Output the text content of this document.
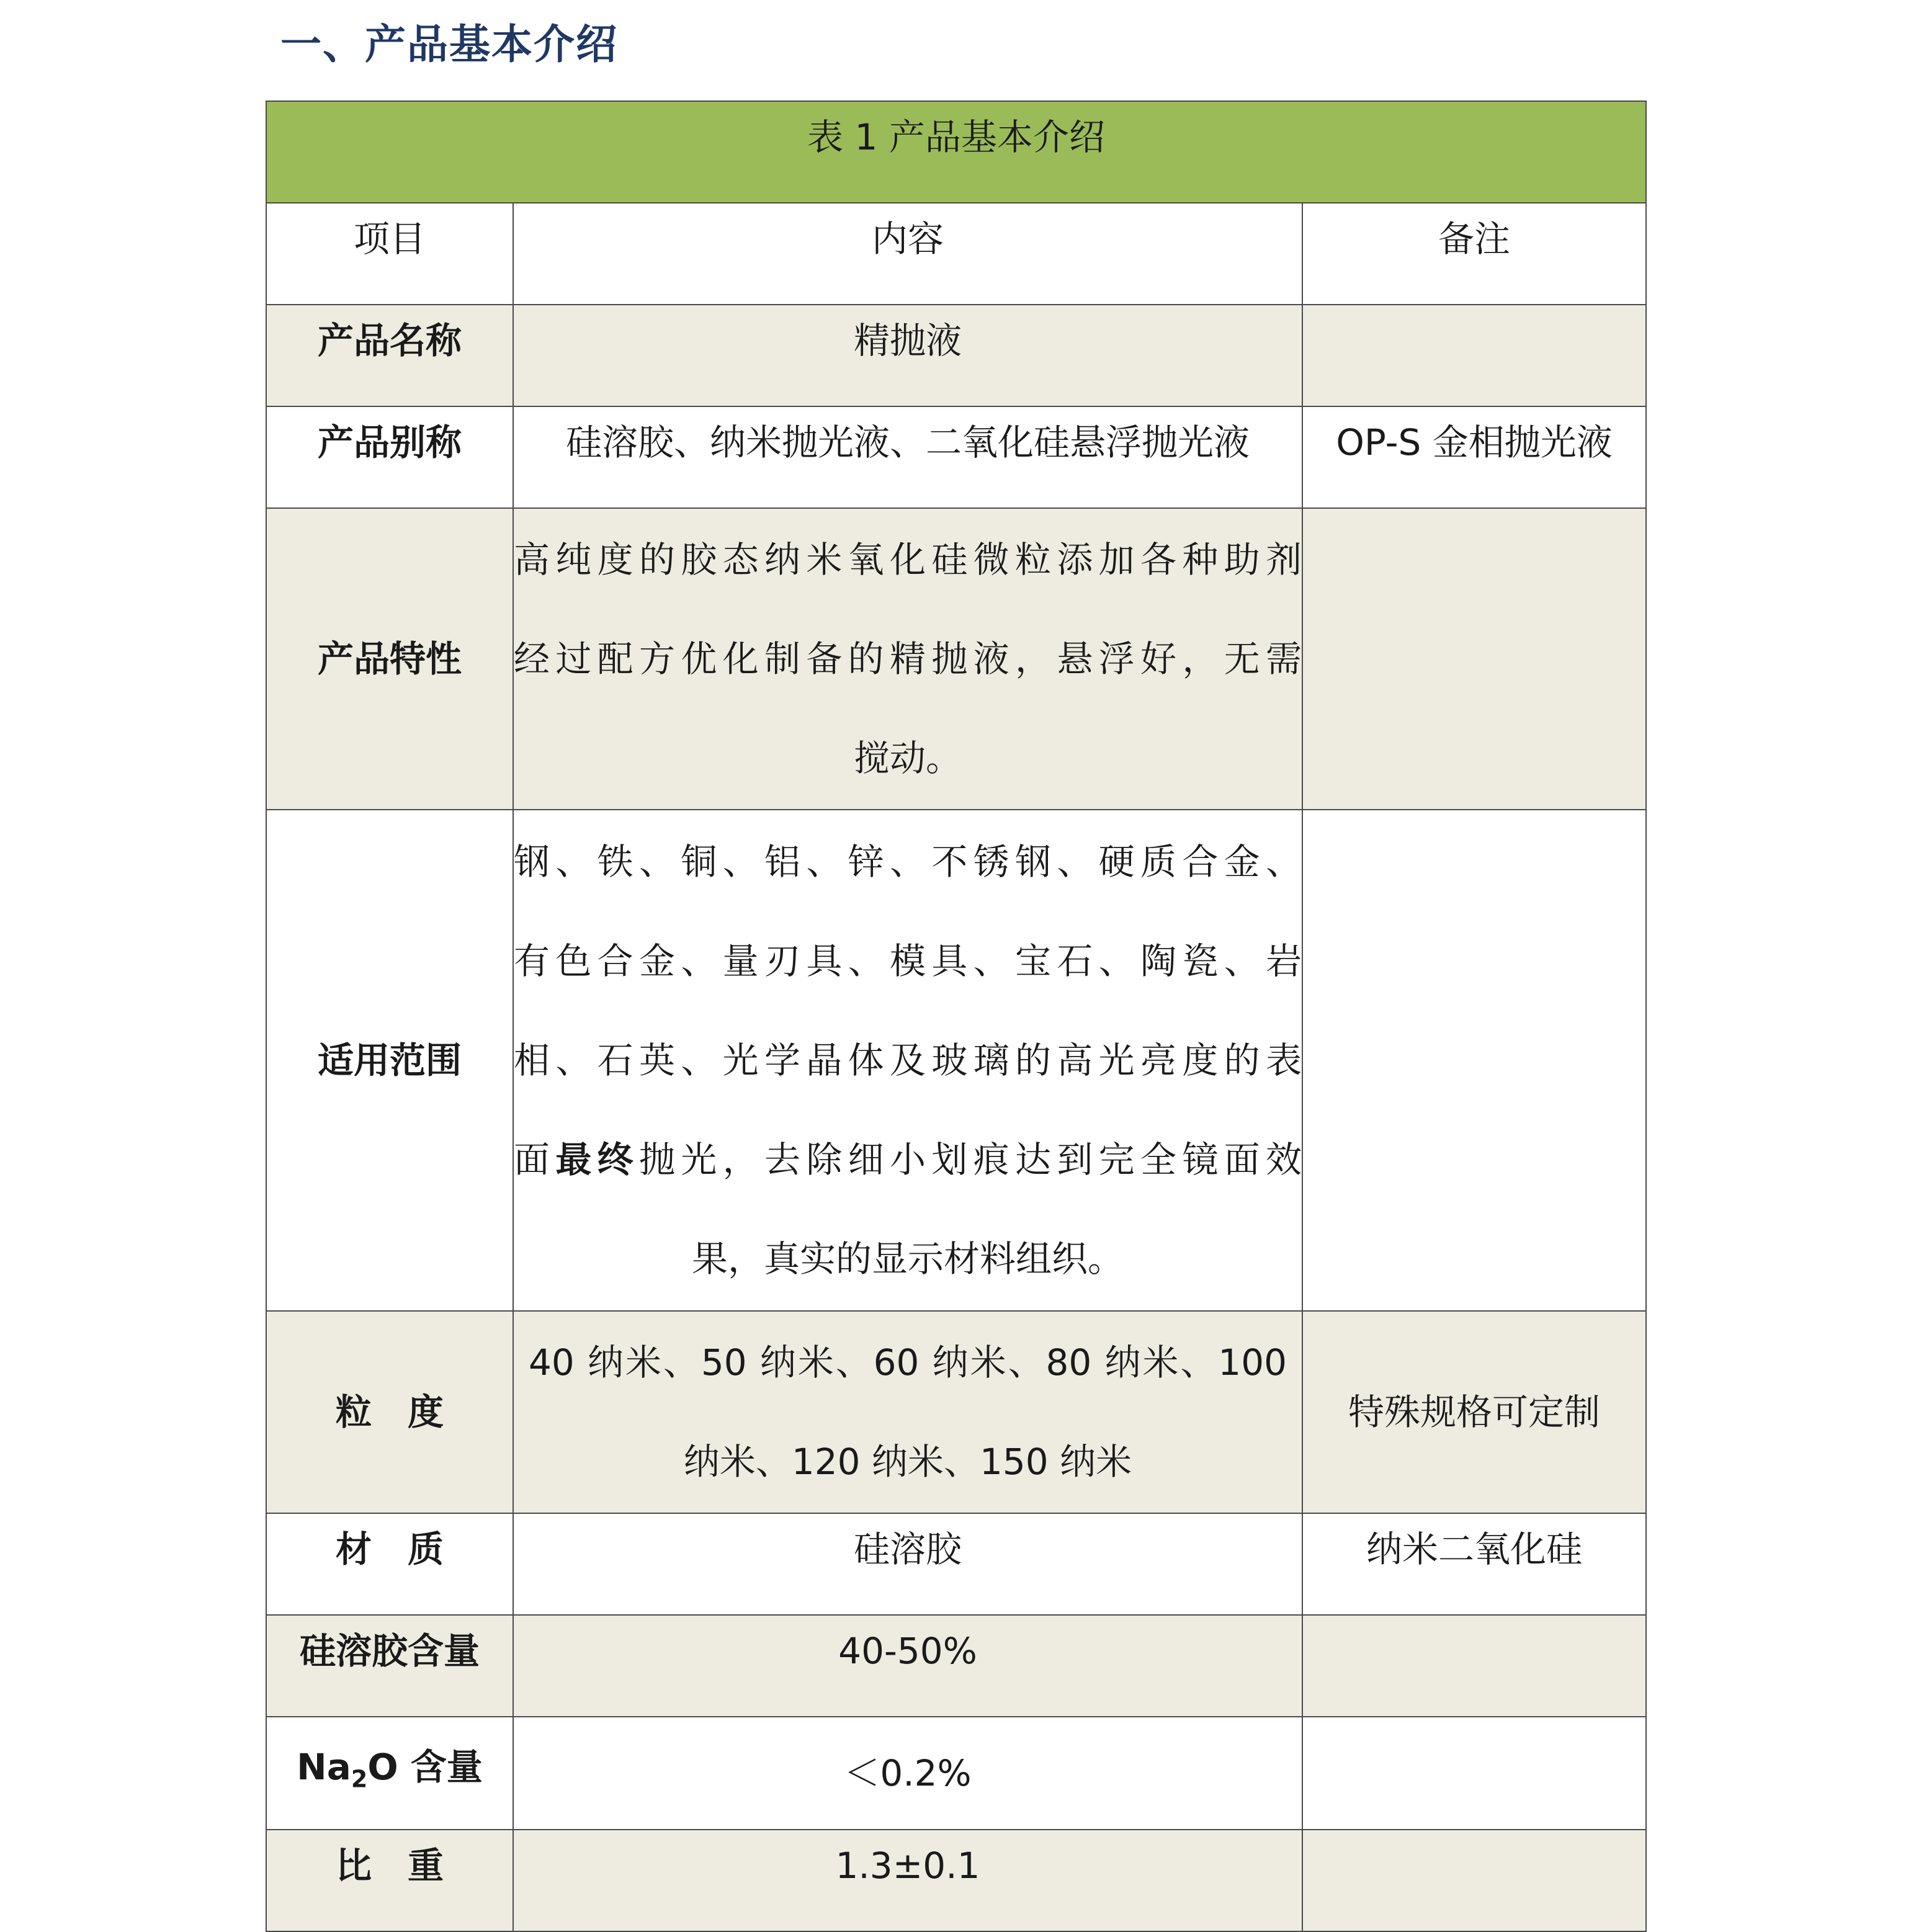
一、产品基本介绍
表 1 产品基本介绍		

项目	内容	备注

产品名称	精抛液	

产品别称	硅溶胶、纳米抛光液、二氧化硅悬浮抛光液	OP-S 金相抛光液

产品特性	高纯度的胶态纳米氧化硅微粒添加各种助剂
经过配方优化制备的精抛液，悬浮好，无需
搅动。	

适用范围	钢、铁、铜、铝、锌、不锈钢、硬质合金、
有色合金、量刃具、模具、宝石、陶瓷、岩
相、石英、光学晶体及玻璃的高光亮度的表
面最终抛光，去除细小划痕达到完全镜面效
果，真实的显示材料组织。	

粒　度	40 纳米、50 纳米、60 纳米、80 纳米、100
纳米、120 纳米、150 纳米	特殊规格可定制

材　质	硅溶胶	纳米二氧化硅

硅溶胶含量	40-50%	

$Na_2O$ 含量	＜0.2%	

比　重	1.3±0.1	
